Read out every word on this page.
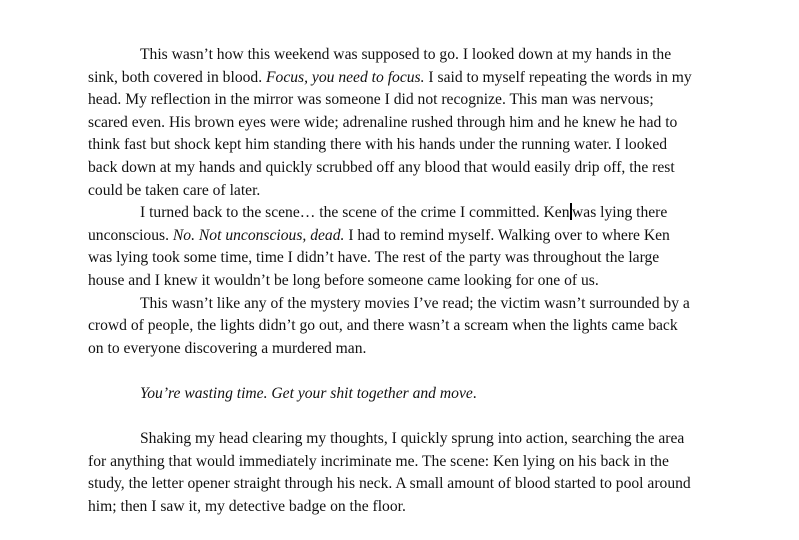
This wasn’t how this weekend was supposed to go. I looked down at my hands in the
sink, both covered in blood. Focus, you need to focus. I said to myself repeating the words in my
head. My reflection in the mirror was someone I did not recognize. This man was nervous;
scared even. His brown eyes were wide; adrenaline rushed through him and he knew he had to
think fast but shock kept him standing there with his hands under the running water. I looked
back down at my hands and quickly scrubbed off any blood that would easily drip off, the rest
could be taken care of later.
I turned back to the scene… the scene of the crime I committed. Ken was lying there
unconscious. No. Not unconscious, dead. I had to remind myself. Walking over to where Ken
was lying took some time, time I didn’t have. The rest of the party was throughout the large
house and I knew it wouldn’t be long before someone came looking for one of us.
This wasn’t like any of the mystery movies I’ve read; the victim wasn’t surrounded by a
crowd of people, the lights didn’t go out, and there wasn’t a scream when the lights came back
on to everyone discovering a murdered man.
You’re wasting time. Get your shit together and move.
Shaking my head clearing my thoughts, I quickly sprung into action, searching the area
for anything that would immediately incriminate me. The scene: Ken lying on his back in the
study, the letter opener straight through his neck. A small amount of blood started to pool around
him; then I saw it, my detective badge on the floor.
